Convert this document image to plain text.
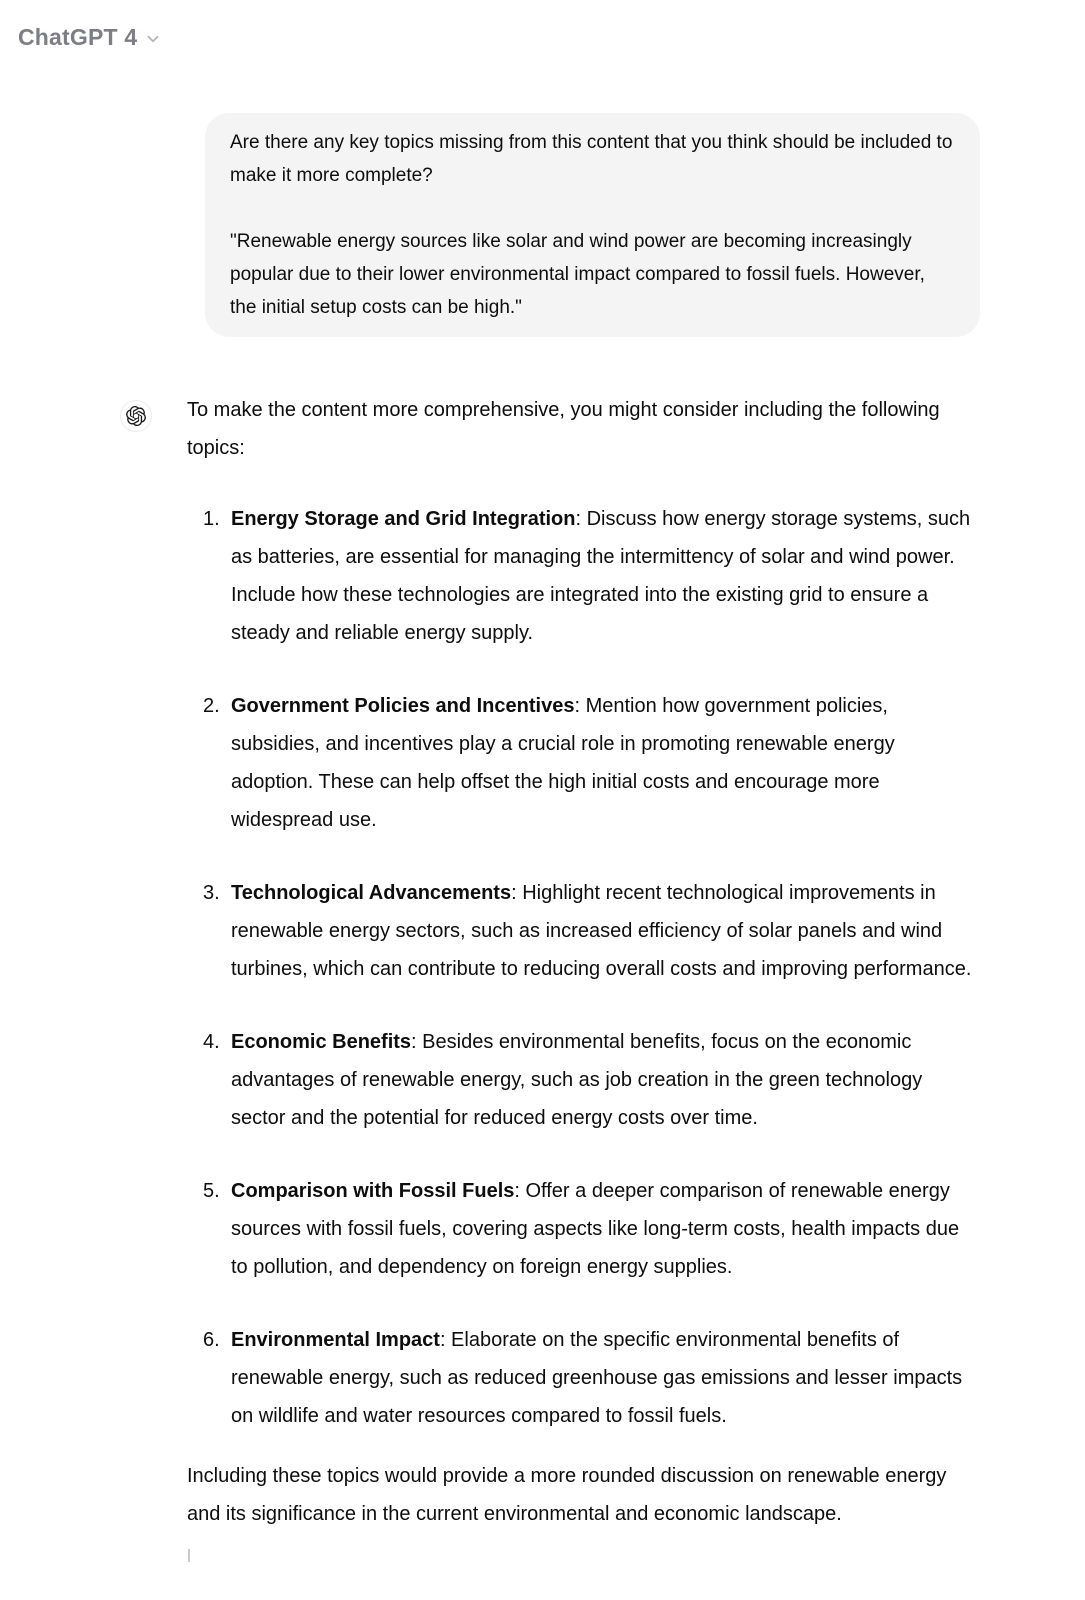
ChatGPT 4

Are there any key topics missing from this content that you think should be included to make it more complete?

"Renewable energy sources like solar and wind power are becoming increasingly popular due to their lower environmental impact compared to fossil fuels. However, the initial setup costs can be high."

To make the content more comprehensive, you might consider including the following topics:

1. Energy Storage and Grid Integration: Discuss how energy storage systems, such as batteries, are essential for managing the intermittency of solar and wind power. Include how these technologies are integrated into the existing grid to ensure a steady and reliable energy supply.
2. Government Policies and Incentives: Mention how government policies, subsidies, and incentives play a crucial role in promoting renewable energy adoption. These can help offset the high initial costs and encourage more widespread use.
3. Technological Advancements: Highlight recent technological improvements in renewable energy sectors, such as increased efficiency of solar panels and wind turbines, which can contribute to reducing overall costs and improving performance.
4. Economic Benefits: Besides environmental benefits, focus on the economic advantages of renewable energy, such as job creation in the green technology sector and the potential for reduced energy costs over time.
5. Comparison with Fossil Fuels: Offer a deeper comparison of renewable energy sources with fossil fuels, covering aspects like long-term costs, health impacts due to pollution, and dependency on foreign energy supplies.
6. Environmental Impact: Elaborate on the specific environmental benefits of renewable energy, such as reduced greenhouse gas emissions and lesser impacts on wildlife and water resources compared to fossil fuels.

Including these topics would provide a more rounded discussion on renewable energy and its significance in the current environmental and economic landscape.
